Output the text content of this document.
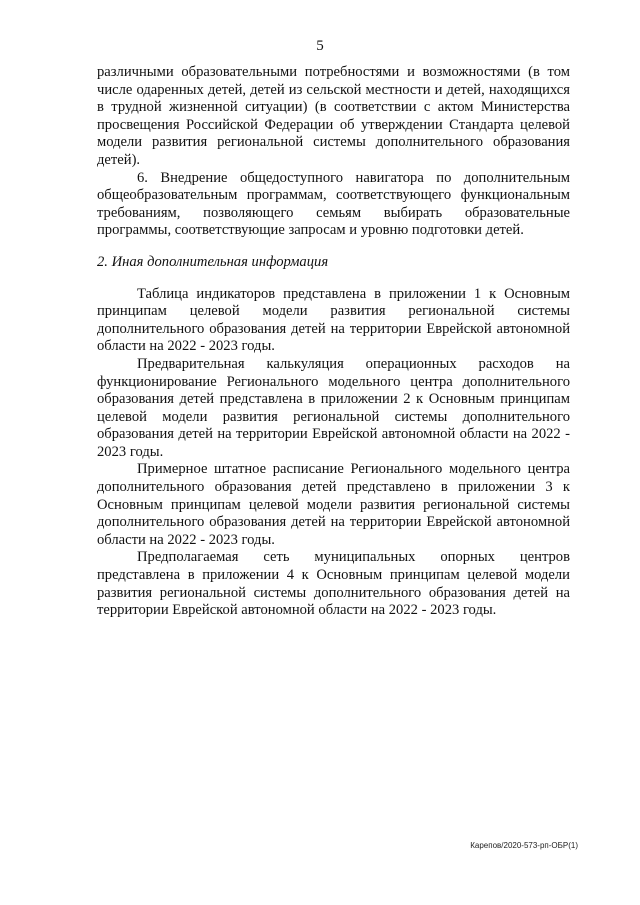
5

различными образовательными потребностями и возможностями (в том числе одаренных детей, детей из сельской местности и детей, находящихся в трудной жизненной ситуации) (в соответствии с актом Министерства просвещения Российской Федерации об утверждении Стандарта целевой модели развития региональной системы дополнительного образования детей).

6. Внедрение общедоступного навигатора по дополнительным общеобразовательным программам, соответствующего функциональным требованиям, позволяющего семьям выбирать образовательные программы, соответствующие запросам и уровню подготовки детей.

2. Иная дополнительная информация

Таблица индикаторов представлена в приложении 1 к Основным принципам целевой модели развития региональной системы дополнительного образования детей на территории Еврейской автономной области на 2022 - 2023 годы.

Предварительная калькуляция операционных расходов на функционирование Регионального модельного центра дополнительного образования детей представлена в приложении 2 к Основным принципам целевой модели развития региональной системы дополнительного образования детей на территории Еврейской автономной области на 2022 - 2023 годы.

Примерное штатное расписание Регионального модельного центра дополнительного образования детей представлено в приложении 3 к Основным принципам целевой модели развития региональной системы дополнительного образования детей на территории Еврейской автономной области на 2022 - 2023 годы.

Предполагаемая сеть муниципальных опорных центров представлена в приложении 4 к Основным принципам целевой модели развития региональной системы дополнительного образования детей на территории Еврейской автономной области на 2022 - 2023 годы.

Карепов/2020-573-рп-ОБР(1)
